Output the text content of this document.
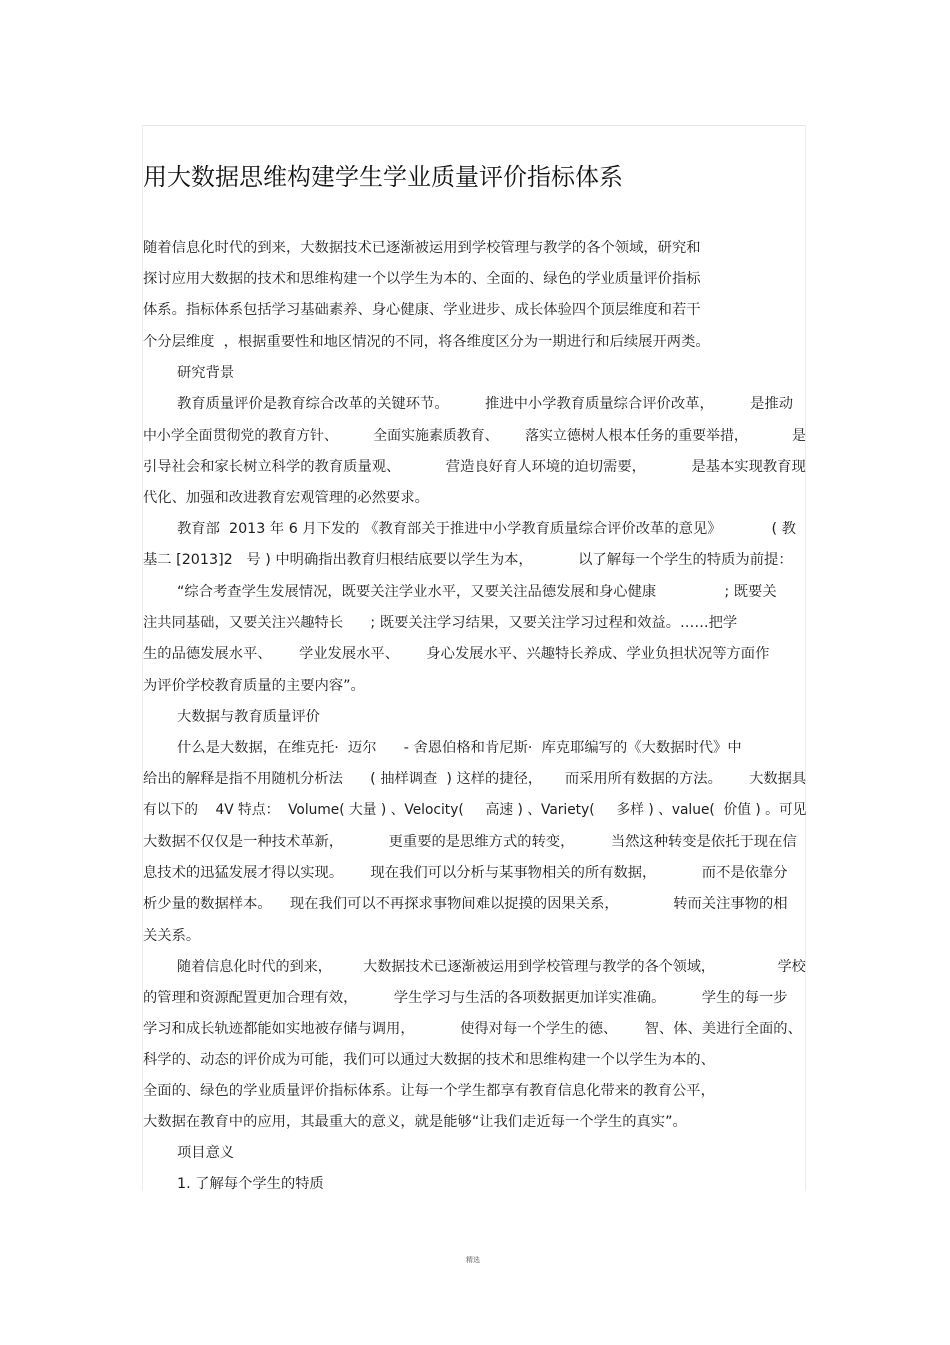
用大数据思维构建学生学业质量评价指标体系
随着信息化时代的到来，大数据技术已逐渐被运用到学校管理与教学的各个领域，研究和
探讨应用大数据的技术和思维构建一个以学生为本的、全面的、绿色的学业质量评价指标
体系。指标体系包括学习基础素养、身心健康、学业进步、成长体验四个顶层维度和若干
个分层维度  ，根据重要性和地区情况的不同，将各维度区分为一期进行和后续展开两类。
研究背景
教育质量评价是教育综合改革的关键环节。        推进中小学教育质量综合评价改革，        是推动
中小学全面贯彻党的教育方针、        全面实施素质教育、      落实立德树人根本任务的重要举措，          是
引导社会和家长树立科学的教育质量观、          营造良好育人环境的迫切需要，          是基本实现教育现
代化、加强和改进教育宏观管理的必然要求。
教育部  2013 年 6 月下发的 《教育部关于推进中小学教育质量综合评价改革的意见》           ( 教
基二 [2013]2   号 ) 中明确指出教育归根结底要以学生为本，          以了解每一个学生的特质为前提：
“综合考查学生发展情况，既要关注学业水平，又要关注品德发展和身心健康               ; 既要关
注共同基础，又要关注兴趣特长      ; 既要关注学习结果，又要关注学习过程和效益。……把学
生的品德发展水平、      学业发展水平、      身心发展水平、兴趣特长养成、学业负担状况等方面作
为评价学校教育质量的主要内容”。
大数据与教育质量评价
什么是大数据，在维克托·  迈尔      - 舍恩伯格和肯尼斯·  库克耶编写的《大数据时代》中
给出的解释是指不用随机分析法      ( 抽样调查  ) 这样的捷径，     而采用所有数据的方法。      大数据具
有以下的    4V 特点：  Volume( 大量 ) 、Velocity(     高速 ) 、Variety(     多样 ) 、value(  价值 ) 。可见
大数据不仅仅是一种技术革新，          更重要的是思维方式的转变，        当然这种转变是依托于现在信
息技术的迅猛发展才得以实现。      现在我们可以分析与某事物相关的所有数据，          而不是依靠分
析少量的数据样本。    现在我们可以不再探求事物间难以捉摸的因果关系，            转而关注事物的相
关关系。
随着信息化时代的到来，       大数据技术已逐渐被运用到学校管理与教学的各个领域，              学校
的管理和资源配置更加合理有效，        学生学习与生活的各项数据更加详实准确。        学生的每一步
学习和成长轨迹都能如实地被存储与调用，          使得对每一个学生的德、      智、体、美进行全面的、
科学的、动态的评价成为可能，我们可以通过大数据的技术和思维构建一个以学生为本的、
全面的、绿色的学业质量评价指标体系。让每一个学生都享有教育信息化带来的教育公平，
大数据在教育中的应用，其最重大的意义，就是能够“让我们走近每一个学生的真实”。
项目意义
1. 了解每个学生的特质
精选
